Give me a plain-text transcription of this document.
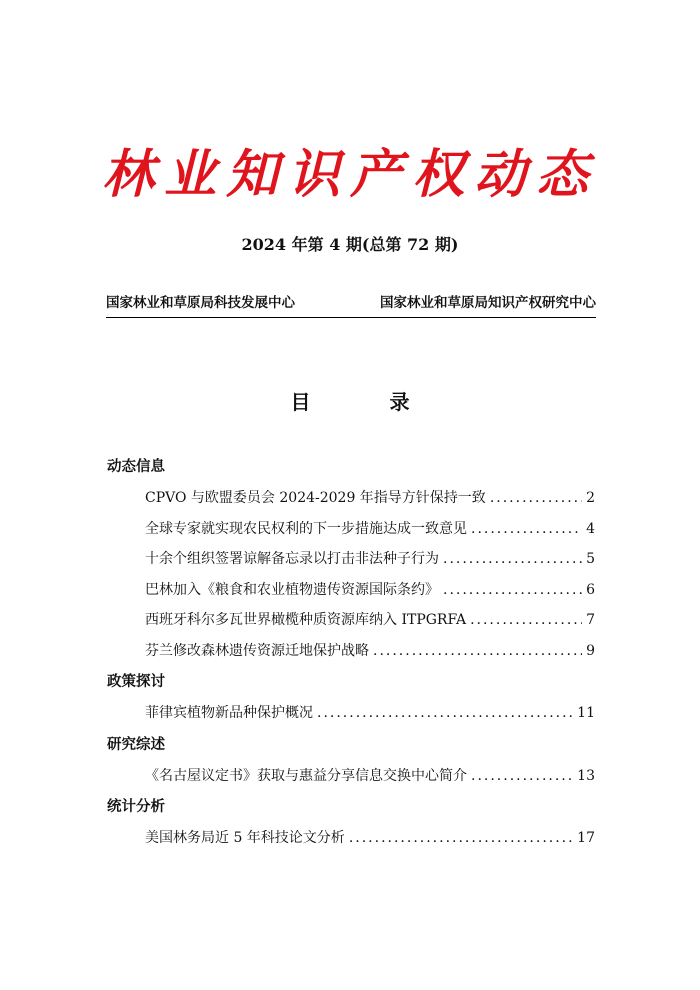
林业知识产权动态
2024 年第 4 期(总第 72 期)
国家林业和草原局科技发展中心	国家林业和草原局知识产权研究中心
目 录
动态信息
CPVO 与欧盟委员会 2024-2029 年指导方针保持一致 .....	2
全球专家就实现农民权利的下一步措施达成一致意见 .....	4
十余个组织签署谅解备忘录以打击非法种子行为 .....	5
巴林加入《粮食和农业植物遗传资源国际条约》 .....	6
西班牙科尔多瓦世界橄榄种质资源库纳入 ITPGRFA .....	7
芬兰修改森林遗传资源迁地保护战略 .....	9
政策探讨
菲律宾植物新品种保护概况 .....	11
研究综述
《名古屋议定书》获取与惠益分享信息交换中心简介 .....	13
统计分析
美国林务局近 5 年科技论文分析 .....	17
